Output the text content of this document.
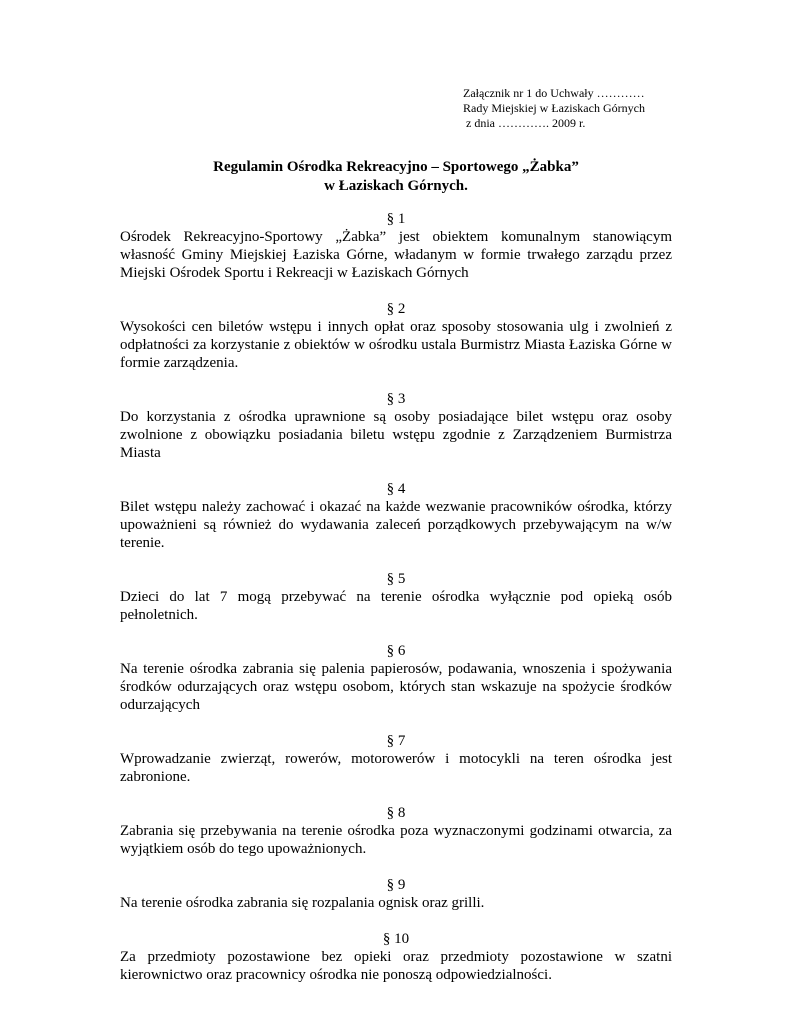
Załącznik nr 1 do Uchwały …………
Rady Miejskiej w Łaziskach Górnych
z dnia …………. 2009 r.
Regulamin Ośrodka Rekreacyjno – Sportowego „Żabka”
w Łaziskach Górnych.
§ 1
Ośrodek Rekreacyjno-Sportowy „Żabka” jest obiektem komunalnym stanowiącym własność Gminy Miejskiej Łaziska Górne, władanym w formie trwałego zarządu przez Miejski Ośrodek Sportu i Rekreacji w Łaziskach Górnych
§ 2
Wysokości cen biletów wstępu i innych opłat oraz sposoby stosowania ulg i zwolnień z odpłatności za korzystanie z obiektów w ośrodku ustala Burmistrz Miasta Łaziska Górne w formie zarządzenia.
§ 3
Do korzystania z ośrodka uprawnione są osoby posiadające bilet wstępu oraz osoby zwolnione z obowiązku posiadania biletu wstępu zgodnie z Zarządzeniem Burmistrza Miasta
§ 4
Bilet wstępu należy zachować i okazać na każde wezwanie pracowników ośrodka, którzy upoważnieni są również do wydawania zaleceń porządkowych przebywającym na w/w terenie.
§ 5
Dzieci do lat 7 mogą przebywać na terenie ośrodka wyłącznie pod opieką osób pełnoletnich.
§ 6
Na terenie ośrodka zabrania się palenia papierosów, podawania, wnoszenia i spożywania środków odurzających oraz wstępu osobom, których stan wskazuje na spożycie środków odurzających
§ 7
Wprowadzanie zwierząt, rowerów, motorowerów i motocykli na teren ośrodka jest zabronione.
§ 8
Zabrania się przebywania na terenie ośrodka poza wyznaczonymi godzinami otwarcia, za wyjątkiem osób do tego upoważnionych.
§ 9
Na terenie ośrodka zabrania się rozpalania ognisk oraz grilli.
§ 10
Za przedmioty pozostawione bez opieki oraz przedmioty pozostawione w szatni kierownictwo oraz pracownicy ośrodka nie ponoszą odpowiedzialności.
